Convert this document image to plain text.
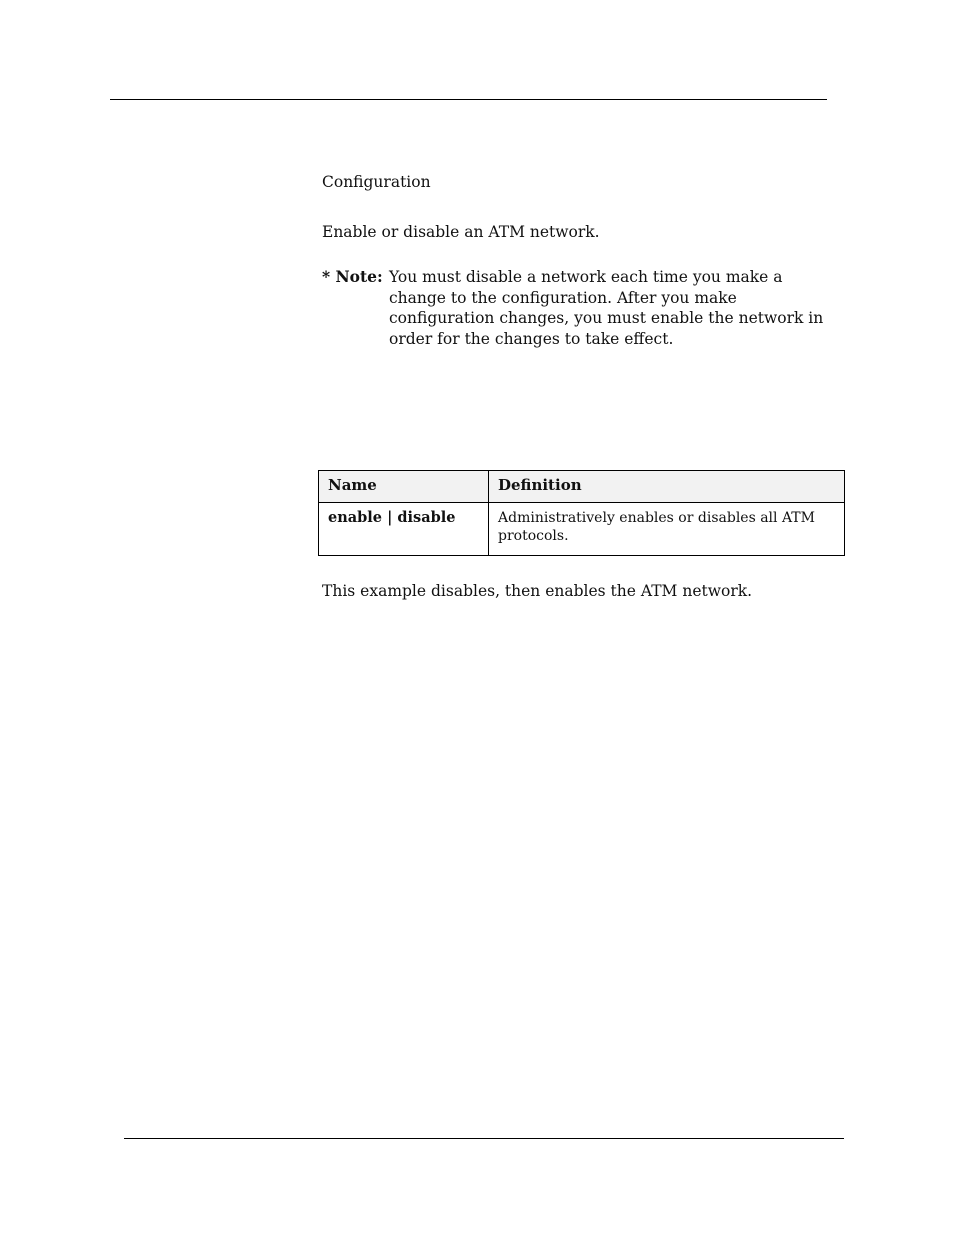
Configuration

Enable or disable an ATM network.

* Note: You must disable a network each time you make a
change to the configuration. After you make
configuration changes, you must enable the network in
order for the changes to take effect.
Name	Definition
enable | disable	Administratively enables or disables all ATM protocols.

This example disables, then enables the ATM network.
